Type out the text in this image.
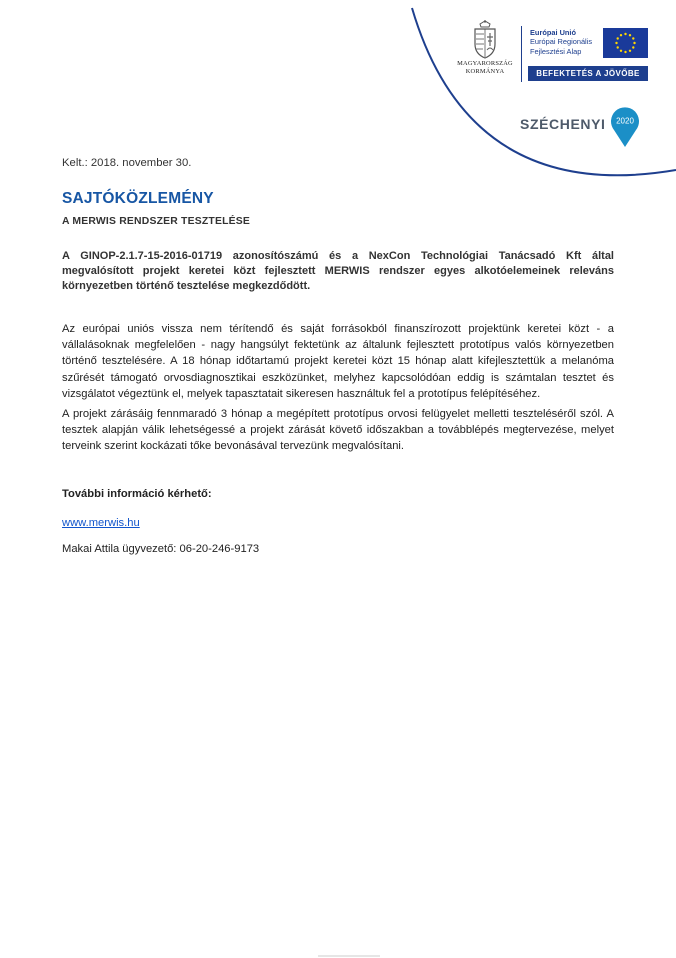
MAGYARORSZÁG
KORMÁNYA
Európai Unió
Európai Regionális
Fejlesztési Alap
BEFEKTETÉS A JÖVŐBE
SZÉCHENYI 2020
Kelt.: 2018. november 30.
SAJTÓKÖZLEMÉNY
A MERWIS RENDSZER TESZTELÉSE
A GINOP-2.1.7-15-2016-01719 azonosítószámú és a NexCon Technológiai Tanácsadó Kft által megvalósított projekt keretei közt fejlesztett MERWIS rendszer egyes alkotóelemeinek releváns környezetben történő tesztelése megkezdődött.
Az európai uniós vissza nem térítendő és saját forrásokból finanszírozott projektünk keretei közt - a vállalásoknak megfelelően - nagy hangsúlyt fektetünk az általunk fejlesztett prototípus valós környezetben történő tesztelésére. A 18 hónap időtartamú projekt keretei közt 15 hónap alatt kifejlesztettük a melanóma szűrését támogató orvosdiagnosztikai eszközünket, melyhez kapcsolódóan eddig is számtalan tesztet és vizsgálatot végeztünk el, melyek tapasztatait sikeresen használtuk fel a prototípus felépítéséhez.
A projekt zárásáig fennmaradó 3 hónap a megépített prototípus orvosi felügyelet melletti teszteléséről szól. A tesztek alapján válik lehetségessé a projekt zárását követő időszakban a továbblépés megtervezése, melyet terveink szerint kockázati tőke bevonásával tervezünk megvalósítani.
További információ kérhető:
www.merwis.hu
Makai Attila ügyvezető: 06-20-246-9173
